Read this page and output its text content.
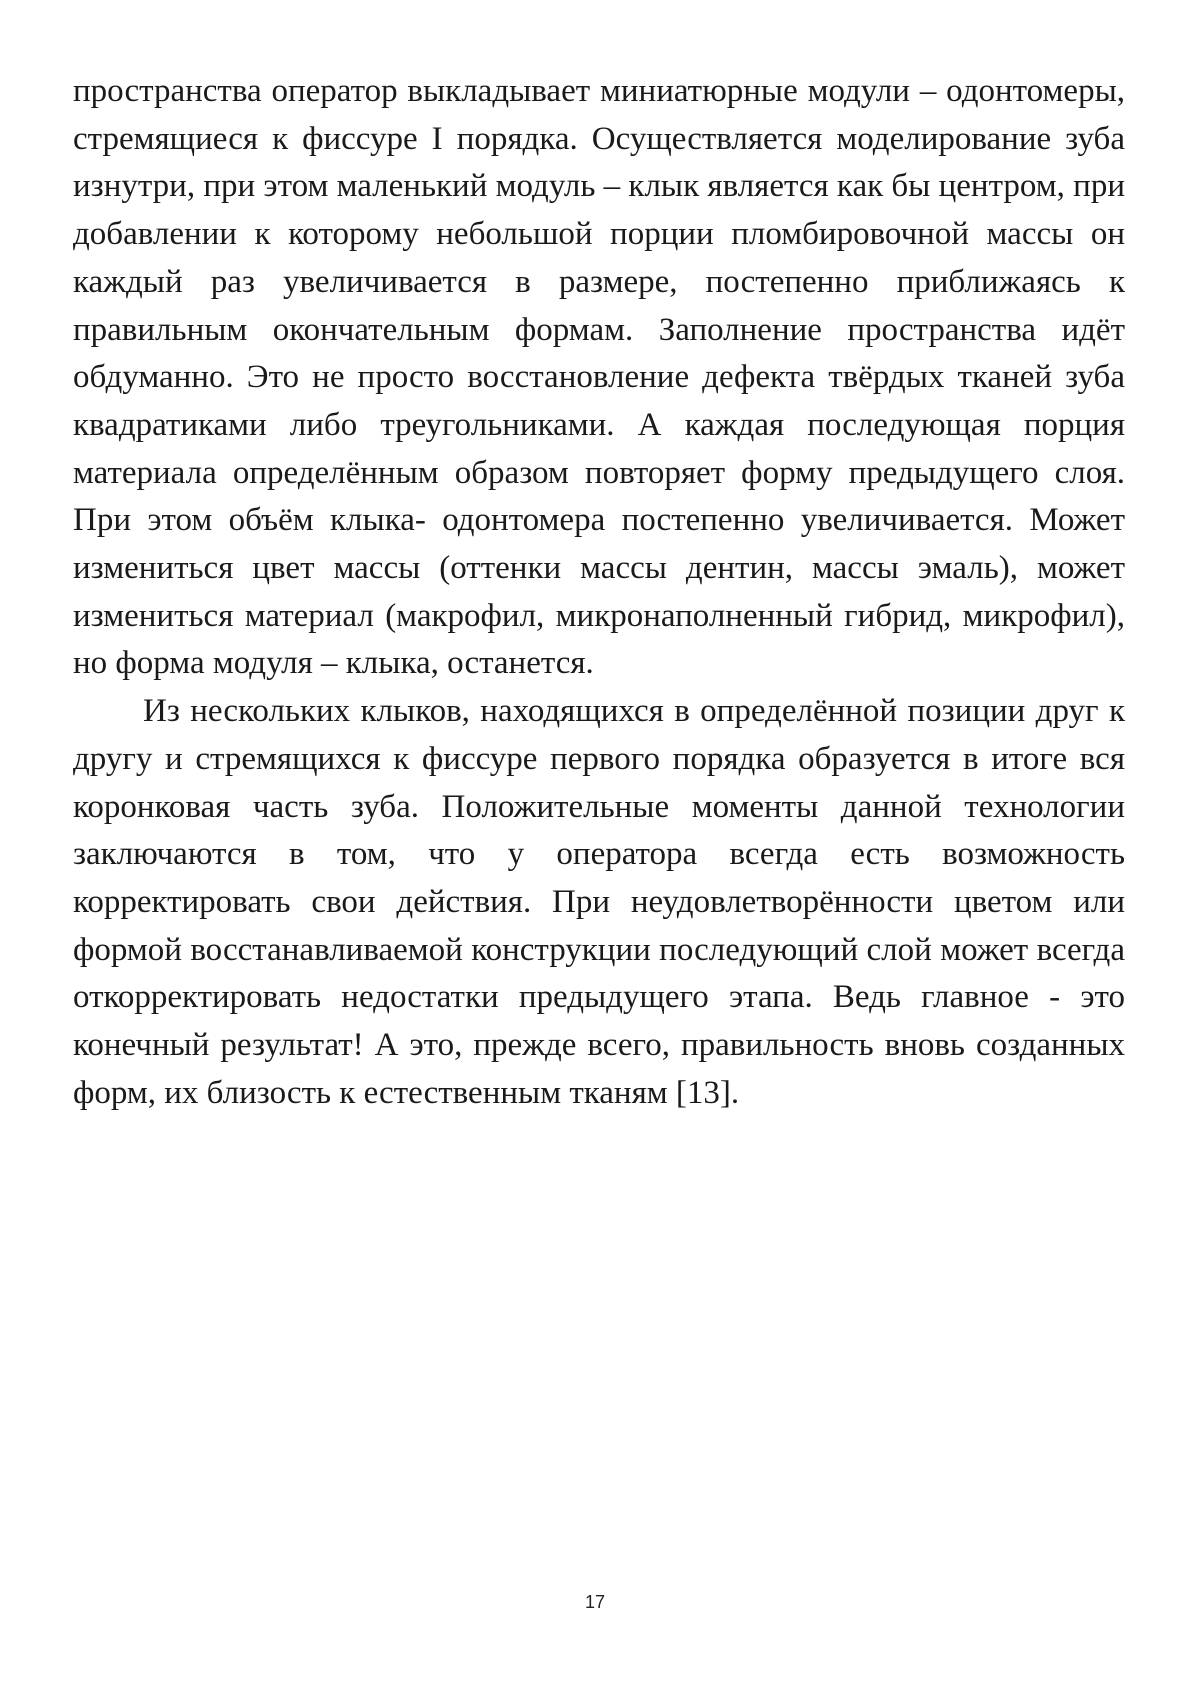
пространства оператор выкладывает миниатюрные модули – одонтомеры, стремящиеся к фиссуре I порядка. Осуществляется моделирование зуба изнутри, при этом маленький модуль – клык является как бы центром, при добавлении к которому небольшой порции пломбировочной массы он каждый раз увеличивается в размере, постепенно приближаясь к правильным окончательным формам. Заполнение пространства идёт обдуманно. Это не просто восстановление дефекта твёрдых тканей зуба квадратиками либо треугольниками. А каждая последующая порция материала определённым образом повторяет форму предыдущего слоя. При этом объём клыка- одонтомера постепенно увеличивается. Может измениться цвет массы (оттенки массы дентин, массы эмаль), может измениться материал (макрофил, микронаполненный гибрид, микрофил), но форма модуля – клыка, останется.

Из нескольких клыков, находящихся в определённой позиции друг к другу и стремящихся к фиссуре первого порядка образуется в итоге вся коронковая часть зуба. Положительные моменты данной технологии заключаются в том, что у оператора всегда есть возможность корректировать свои действия. При неудовлетворённости цветом или формой восстанавливаемой конструкции последующий слой может всегда откорректировать недостатки предыдущего этапа. Ведь главное - это конечный результат! А это, прежде всего, правильность вновь созданных форм, их близость к естественным тканям [13].

17
